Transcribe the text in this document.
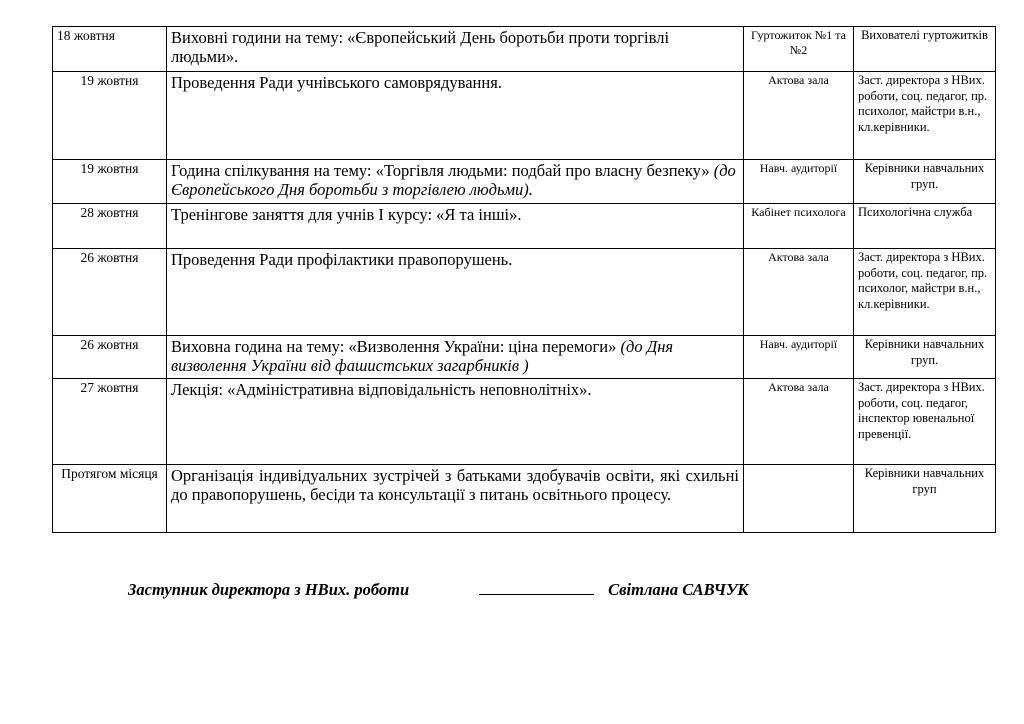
18 жовтня	Виховні години на тему: «Європейський День боротьби проти торгівлі людьми».	Гуртожиток №1 та №2	Вихователі гуртожитків
19 жовтня	Проведення Ради учнівського самоврядування.	Актова зала	Заст. директора з НВих. роботи, соц. педагог, пр. психолог, майстри в.н., кл.керівники.
19 жовтня	Година спілкування на тему: «Торгівля людьми: подбай про власну безпеку» (до Європейського Дня боротьби з торгівлею людьми).	Навч. аудиторії	Керівники навчальних груп.
28 жовтня	Тренінгове заняття для учнів І курсу: «Я та інші».	Кабінет психолога	Психологічна служба
26 жовтня	Проведення Ради профілактики правопорушень.	Актова зала	Заст. директора з НВих. роботи, соц. педагог, пр. психолог, майстри в.н., кл.керівники.
26 жовтня	Виховна година на тему: «Визволення України: ціна перемоги» (до Дня визволення України від фашистських загарбників )	Навч. аудиторії	Керівники навчальних груп.
27 жовтня	Лекція: «Адміністративна відповідальність неповнолітніх».	Актова зала	Заст. директора з НВих. роботи, соц. педагог, інспектор ювенальної превенції.
Протягом місяця	Організація індивідуальних зустрічей з батьками здобувачів освіти, які схильні до правопорушень, бесіди та консультації з питань освітнього процесу.		Керівники навчальних груп
Заступник директора з НВих. роботи	Світлана САВЧУК
